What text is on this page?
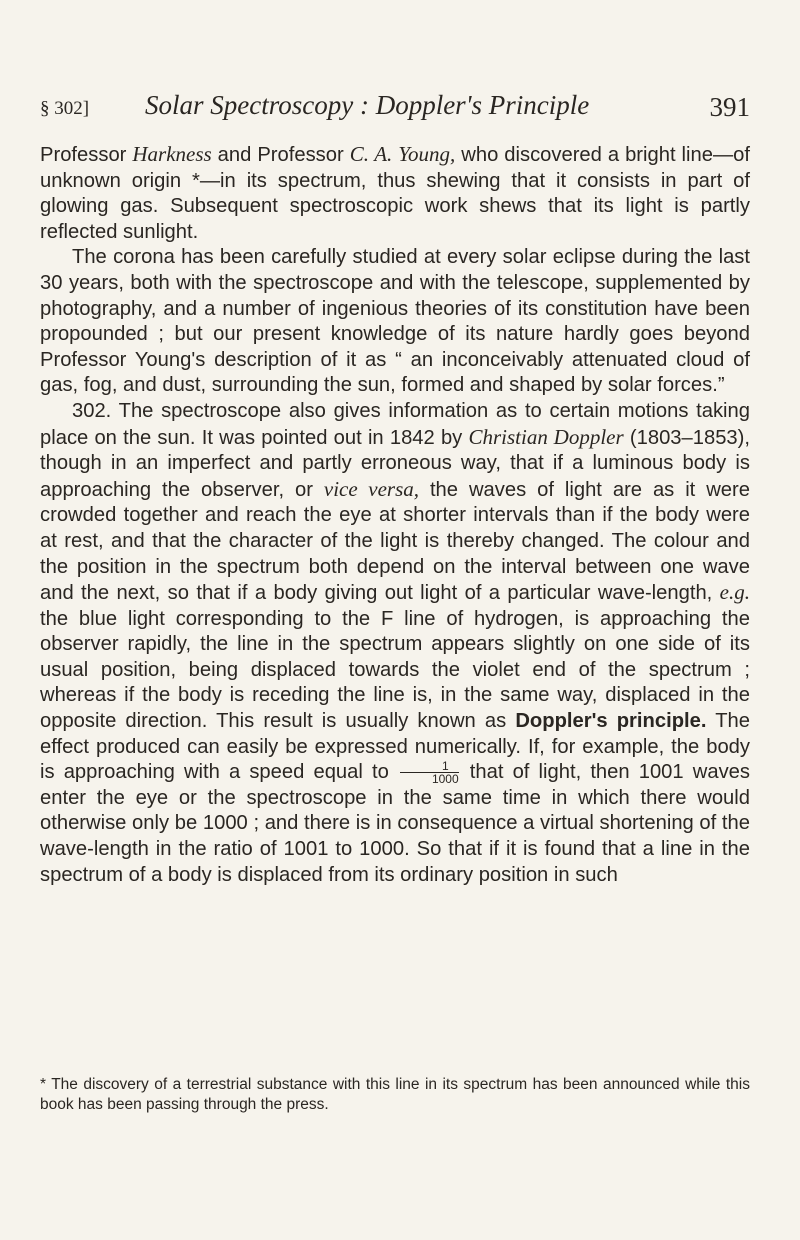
§ 302] Solar Spectroscopy : Doppler's Principle	391

Professor Harkness and Professor C. A. Young, who discovered a bright line—of unknown origin *—in its spectrum, thus shewing that it consists in part of glowing gas. Subsequent spectroscopic work shews that its light is partly reflected sunlight.

The corona has been carefully studied at every solar eclipse during the last 30 years, both with the spectroscope and with the telescope, supplemented by photography, and a number of ingenious theories of its constitution have been propounded ; but our present knowledge of its nature hardly goes beyond Professor Young's description of it as “ an inconceivably attenuated cloud of gas, fog, and dust, surrounding the sun, formed and shaped by solar forces.”

302. The spectroscope also gives information as to certain motions taking place on the sun. It was pointed out in 1842 by Christian Doppler (1803–1853), though in an imperfect and partly erroneous way, that if a luminous body is approaching the observer, or vice versa, the waves of light are as it were crowded together and reach the eye at shorter intervals than if the body were at rest, and that the character of the light is thereby changed. The colour and the position in the spectrum both depend on the interval between one wave and the next, so that if a body giving out light of a particular wave-length, e.g. the blue light corresponding to the F line of hydrogen, is approaching the observer rapidly, the line in the spectrum appears slightly on one side of its usual position, being displaced towards the violet end of the spectrum ; whereas if the body is receding the line is, in the same way, displaced in the opposite direction. This result is usually known as Doppler's principle. The effect produced can easily be expressed numerically. If, for example, the body is approaching with a speed equal to $\frac{1}{1000}$ that of light, then 1001 waves enter the eye or the spectroscope in the same time in which there would otherwise only be 1000 ; and there is in consequence a virtual shortening of the wave-length in the ratio of 1001 to 1000. So that if it is found that a line in the spectrum of a body is displaced from its ordinary position in such

* The discovery of a terrestrial substance with this line in its spectrum has been announced while this book has been passing through the press.
